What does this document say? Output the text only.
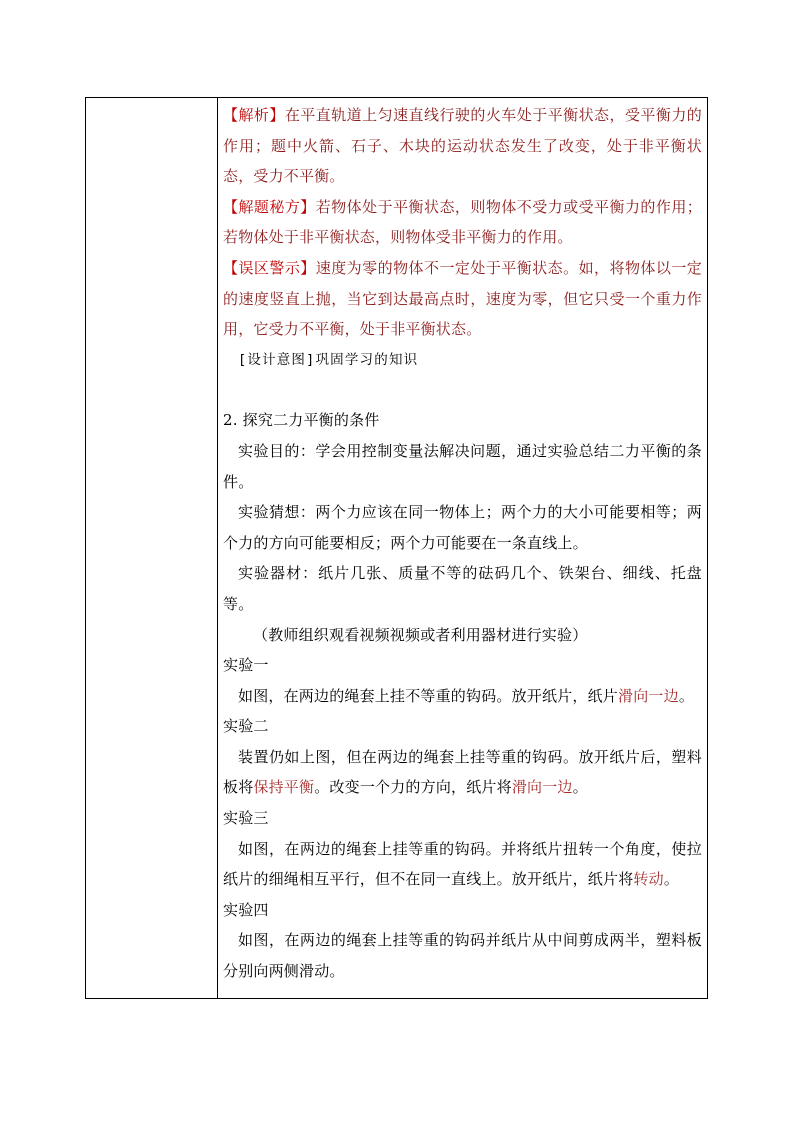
【解析】在平直轨道上匀速直线行驶的火车处于平衡状态，受平衡力的作用；题中火箭、石子、木块的运动状态发生了改变，处于非平衡状态，受力不平衡。

【解题秘方】若物体处于平衡状态，则物体不受力或受平衡力的作用；若物体处于非平衡状态，则物体受非平衡力的作用。

【误区警示】速度为零的物体不一定处于平衡状态。如，将物体以一定的速度竖直上抛，当它到达最高点时，速度为零，但它只受一个重力作用，它受力不平衡，处于非平衡状态。

[设计意图]巩固学习的知识

2. 探究二力平衡的条件

实验目的：学会用控制变量法解决问题，通过实验总结二力平衡的条件。

实验猜想：两个力应该在同一物体上；两个力的大小可能要相等；两个力的方向可能要相反；两个力可能要在一条直线上。

实验器材：纸片几张、质量不等的砝码几个、铁架台、细线、托盘等。

（教师组织观看视频视频或者利用器材进行实验）

实验一

如图，在两边的绳套上挂不等重的钩码。放开纸片，纸片滑向一边。

实验二

装置仍如上图，但在两边的绳套上挂等重的钩码。放开纸片后，塑料板将保持平衡。改变一个力的方向，纸片将滑向一边。

实验三

如图，在两边的绳套上挂等重的钩码。并将纸片扭转一个角度，使拉纸片的细绳相互平行，但不在同一直线上。放开纸片，纸片将转动。

实验四

如图，在两边的绳套上挂等重的钩码并纸片从中间剪成两半，塑料板分别向两侧滑动。
